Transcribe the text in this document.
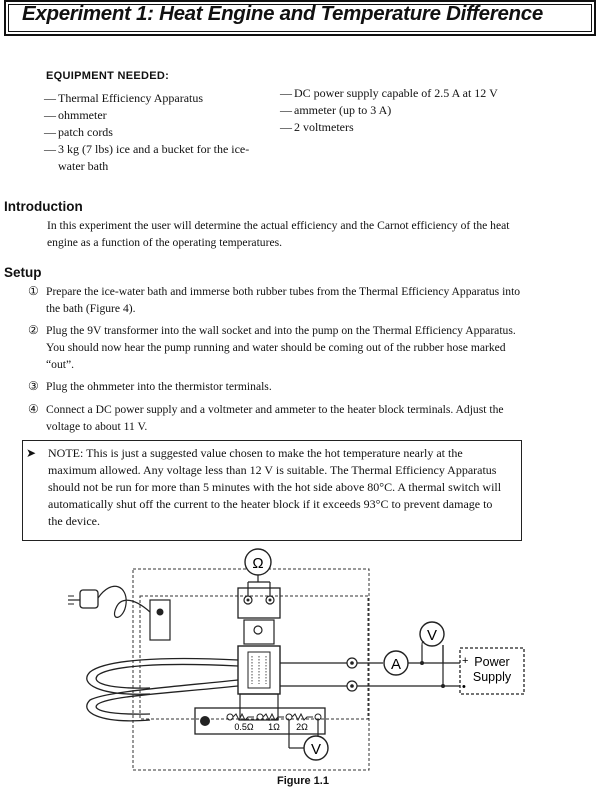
Experiment 1: Heat Engine and Temperature Difference
EQUIPMENT NEEDED:
— Thermal Efficiency Apparatus
— ohmmeter
— patch cords
— 3 kg (7 lbs) ice and a bucket for the ice-water bath
— DC power supply capable of 2.5 A at 12 V
— ammeter (up to 3 A)
— 2 voltmeters
Introduction
In this experiment the user will determine the actual efficiency and the Carnot efficiency of the heat engine as a function of the operating temperatures.
Setup
① Prepare the ice-water bath and immerse both rubber tubes from the Thermal Efficiency Apparatus into the bath (Figure 4).
② Plug the 9V transformer into the wall socket and into the pump on the Thermal Efficiency Apparatus. You should now hear the pump running and water should be coming out of the rubber hose marked “out”.
③ Plug the ohmmeter into the thermistor terminals.
④ Connect a DC power supply and a voltmeter and ammeter to the heater block terminals. Adjust the voltage to about 11 V.
➤ NOTE: This is just a suggested value chosen to make the hot temperature nearly at the maximum allowed. Any voltage less than 12 V is suitable. The Thermal Efficiency Apparatus should not be run for more than 5 minutes with the hot side above 80°C. A thermal switch will automatically shut off the current to the heater block if it exceeds 93°C to prevent damage to the device.
Ω
A
V
+
•
Power
Supply
0.5Ω 1Ω 2Ω
V
Figure 1.1
